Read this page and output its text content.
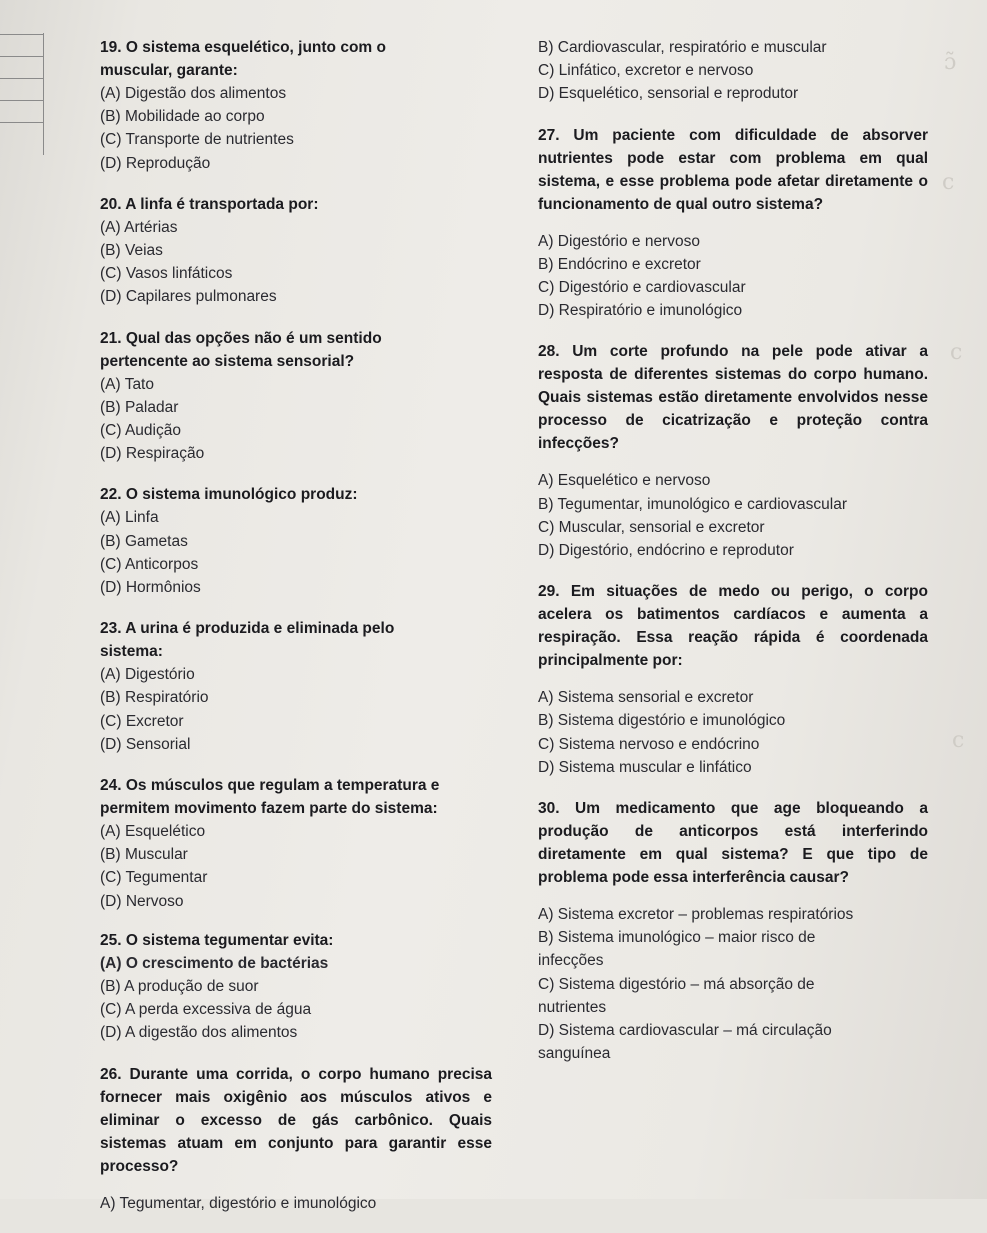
ɔ̃
c
c
c
19. O sistema esquelético, junto com o muscular, garante:
(A) Digestão dos alimentos
(B) Mobilidade ao corpo
(C) Transporte de nutrientes
(D) Reprodução
20. A linfa é transportada por:
(A) Artérias
(B) Veias
(C) Vasos linfáticos
(D) Capilares pulmonares
21. Qual das opções não é um sentido pertencente ao sistema sensorial?
(A) Tato
(B) Paladar
(C) Audição
(D) Respiração
22. O sistema imunológico produz:
(A) Linfa
(B) Gametas
(C) Anticorpos
(D) Hormônios
23. A urina é produzida e eliminada pelo sistema:
(A) Digestório
(B) Respiratório
(C) Excretor
(D) Sensorial
24. Os músculos que regulam a temperatura e permitem movimento fazem parte do sistema:
(A) Esquelético
(B) Muscular
(C) Tegumentar
(D) Nervoso
25. O sistema tegumentar evita:
(A) O crescimento de bactérias
(B) A produção de suor
(C) A perda excessiva de água
(D) A digestão dos alimentos
26. Durante uma corrida, o corpo humano precisa fornecer mais oxigênio aos músculos ativos e eliminar o excesso de gás carbônico. Quais sistemas atuam em conjunto para garantir esse processo?
A) Tegumentar, digestório e imunológico
B) Cardiovascular, respiratório e muscular
C) Linfático, excretor e nervoso
D) Esquelético, sensorial e reprodutor
27. Um paciente com dificuldade de absorver nutrientes pode estar com problema em qual sistema, e esse problema pode afetar diretamente o funcionamento de qual outro sistema?
A) Digestório e nervoso
B) Endócrino e excretor
C) Digestório e cardiovascular
D) Respiratório e imunológico
28. Um corte profundo na pele pode ativar a resposta de diferentes sistemas do corpo humano. Quais sistemas estão diretamente envolvidos nesse processo de cicatrização e proteção contra infecções?
A) Esquelético e nervoso
B) Tegumentar, imunológico e cardiovascular
C) Muscular, sensorial e excretor
D) Digestório, endócrino e reprodutor
29. Em situações de medo ou perigo, o corpo acelera os batimentos cardíacos e aumenta a respiração. Essa reação rápida é coordenada principalmente por:
A) Sistema sensorial e excretor
B) Sistema digestório e imunológico
C) Sistema nervoso e endócrino
D) Sistema muscular e linfático
30. Um medicamento que age bloqueando a produção de anticorpos está interferindo diretamente em qual sistema? E que tipo de problema pode essa interferência causar?
A) Sistema excretor – problemas respiratórios
B) Sistema imunológico – maior risco de infecções
C) Sistema digestório – má absorção de nutrientes
D) Sistema cardiovascular – má circulação sanguínea
